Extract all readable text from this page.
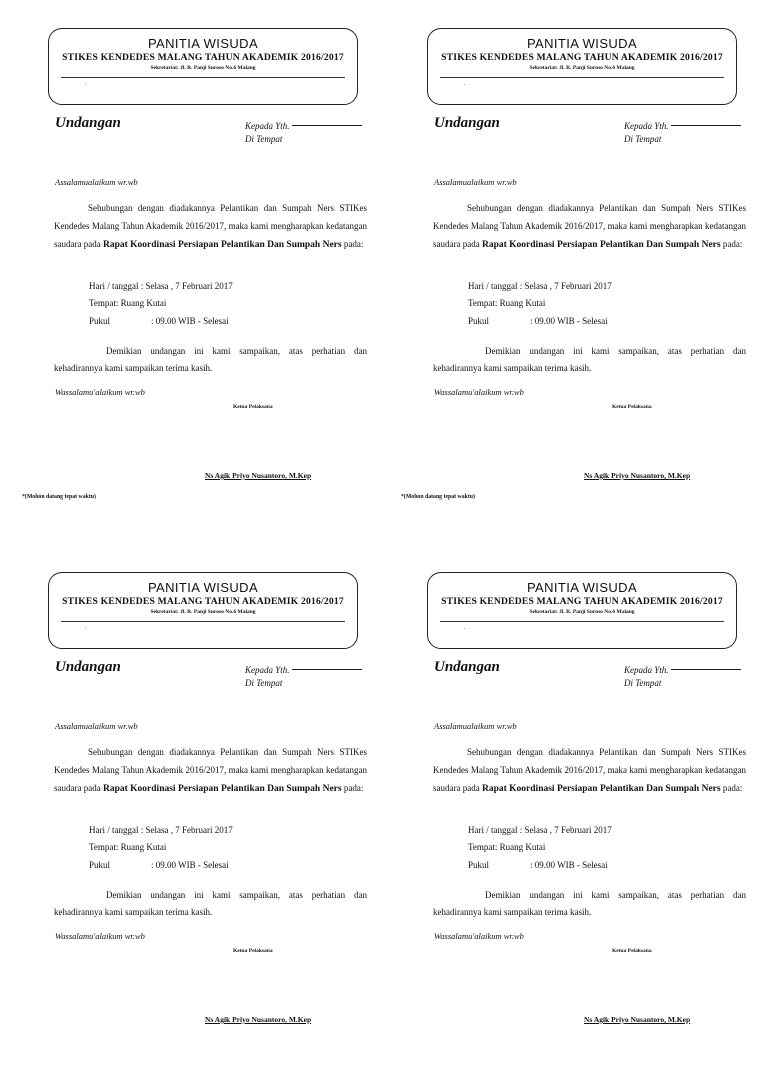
PANITIA WISUDA
STIKES KENDEDES MALANG TAHUN AKADEMIK 2016/2017
Sekretariat: Jl. R. Panji Suroso No.6 Malang
.
Undangan	Kepada Yth.
Di Tempat
Assalamualaikum wr.wb

Sehubungan dengan diadakannya Pelantikan dan Sumpah Ners STIKes Kendedes Malang Tahun Akademik 2016/2017, maka kami mengharapkan kedatangan saudara pada Rapat Koordinasi Persiapan Pelantikan Dan Sumpah Ners pada:

Hari / tanggal : Selasa , 7 Februari 2017
Tempat: Ruang Kutai
Pukul	: 09.00 WIB - Selesai

Demikian undangan ini kami sampaikan, atas perhatian dan kehadirannya kami sampaikan terima kasih.

Wassalamu'alaikum wr.wb
Ketua Pelaksana
Ns Agik Priyo Nusantoro, M.Kep
*(Mohon datang tepat waktu)
PANITIA WISUDA
STIKES KENDEDES MALANG TAHUN AKADEMIK 2016/2017
Sekretariat: Jl. R. Panji Suroso No.6 Malang
.
Undangan	Kepada Yth.
Di Tempat
Assalamualaikum wr.wb

Sehubungan dengan diadakannya Pelantikan dan Sumpah Ners STIKes Kendedes Malang Tahun Akademik 2016/2017, maka kami mengharapkan kedatangan saudara pada Rapat Koordinasi Persiapan Pelantikan Dan Sumpah Ners pada:

Hari / tanggal : Selasa , 7 Februari 2017
Tempat: Ruang Kutai
Pukul	: 09.00 WIB - Selesai

Demikian undangan ini kami sampaikan, atas perhatian dan kehadirannya kami sampaikan terima kasih.

Wassalamu'alaikum wr.wb
Ketua Pelaksana
Ns Agik Priyo Nusantoro, M.Kep
*(Mohon datang tepat waktu)
PANITIA WISUDA
STIKES KENDEDES MALANG TAHUN AKADEMIK 2016/2017
Sekretariat: Jl. R. Panji Suroso No.6 Malang
.
Undangan	Kepada Yth.
Di Tempat
Assalamualaikum wr.wb

Sehubungan dengan diadakannya Pelantikan dan Sumpah Ners STIKes Kendedes Malang Tahun Akademik 2016/2017, maka kami mengharapkan kedatangan saudara pada Rapat Koordinasi Persiapan Pelantikan Dan Sumpah Ners pada:

Hari / tanggal : Selasa , 7 Februari 2017
Tempat: Ruang Kutai
Pukul	: 09.00 WIB - Selesai

Demikian undangan ini kami sampaikan, atas perhatian dan kehadirannya kami sampaikan terima kasih.

Wassalamu'alaikum wr.wb
Ketua Pelaksana
Ns Agik Priyo Nusantoro, M.Kep
PANITIA WISUDA
STIKES KENDEDES MALANG TAHUN AKADEMIK 2016/2017
Sekretariat: Jl. R. Panji Suroso No.6 Malang
.
Undangan	Kepada Yth.
Di Tempat
Assalamualaikum wr.wb

Sehubungan dengan diadakannya Pelantikan dan Sumpah Ners STIKes Kendedes Malang Tahun Akademik 2016/2017, maka kami mengharapkan kedatangan saudara pada Rapat Koordinasi Persiapan Pelantikan Dan Sumpah Ners pada:

Hari / tanggal : Selasa , 7 Februari 2017
Tempat: Ruang Kutai
Pukul	: 09.00 WIB - Selesai

Demikian undangan ini kami sampaikan, atas perhatian dan kehadirannya kami sampaikan terima kasih.

Wassalamu'alaikum wr.wb
Ketua Pelaksana
Ns Agik Priyo Nusantoro, M.Kep
